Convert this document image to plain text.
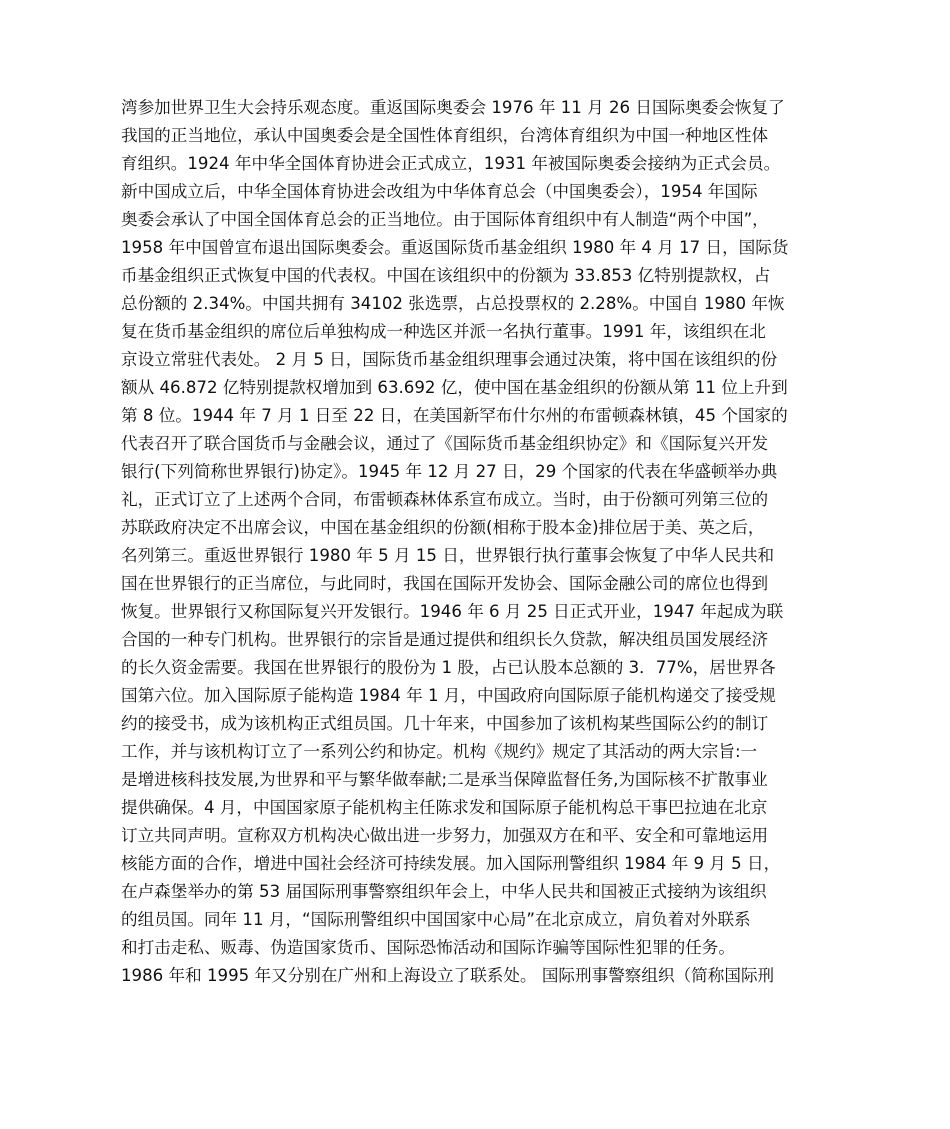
湾参加世界卫生大会持乐观态度。重返国际奥委会 1976 年 11 月 26 日国际奥委会恢复了
我国的正当地位，承认中国奥委会是全国性体育组织，台湾体育组织为中国一种地区性体
育组织。1924 年中华全国体育协进会正式成立，1931 年被国际奥委会接纳为正式会员。
新中国成立后，中华全国体育协进会改组为中华体育总会（中国奥委会），1954 年国际
奥委会承认了中国全国体育总会的正当地位。由于国际体育组织中有人制造“两个中国”，
1958 年中国曾宣布退出国际奥委会。重返国际货币基金组织 1980 年 4 月 17 日，国际货
币基金组织正式恢复中国的代表权。中国在该组织中的份额为 33.853 亿特别提款权，占
总份额的 2.34%。中国共拥有 34102 张选票，占总投票权的 2.28%。中国自 1980 年恢
复在货币基金组织的席位后单独构成一种选区并派一名执行董事。1991 年，该组织在北
京设立常驻代表处。 2 月 5 日，国际货币基金组织理事会通过决策，将中国在该组织的份
额从 46.872 亿特别提款权增加到 63.692 亿，使中国在基金组织的份额从第 11 位上升到
第 8 位。1944 年 7 月 1 日至 22 日，在美国新罕布什尔州的布雷顿森林镇，45 个国家的
代表召开了联合国货币与金融会议，通过了《国际货币基金组织协定》和《国际复兴开发
银行(下列简称世界银行)协定》。1945 年 12 月 27 日，29 个国家的代表在华盛顿举办典
礼，正式订立了上述两个合同，布雷顿森林体系宣布成立。当时，由于份额可列第三位的
苏联政府决定不出席会议，中国在基金组织的份额(相称于股本金)排位居于美、英之后，
名列第三。重返世界银行 1980 年 5 月 15 日，世界银行执行董事会恢复了中华人民共和
国在世界银行的正当席位，与此同时，我国在国际开发协会、国际金融公司的席位也得到
恢复。世界银行又称国际复兴开发银行。1946 年 6 月 25 日正式开业，1947 年起成为联
合国的一种专门机构。世界银行的宗旨是通过提供和组织长久贷款，解决组员国发展经济
的长久资金需要。我国在世界银行的股份为 1 股，占已认股本总额的 3．77%，居世界各
国第六位。加入国际原子能构造 1984 年 1 月，中国政府向国际原子能机构递交了接受规
约的接受书，成为该机构正式组员国。几十年来，中国参加了该机构某些国际公约的制订
工作，并与该机构订立了一系列公约和协定。机构《规约》规定了其活动的两大宗旨:一
是增进核科技发展,为世界和平与繁华做奉献;二是承当保障监督任务,为国际核不扩散事业
提供确保。4 月，中国国家原子能机构主任陈求发和国际原子能机构总干事巴拉迪在北京
订立共同声明。宣称双方机构决心做出进一步努力，加强双方在和平、安全和可靠地运用
核能方面的合作，增进中国社会经济可持续发展。加入国际刑警组织 1984 年 9 月 5 日，
在卢森堡举办的第 53 届国际刑事警察组织年会上，中华人民共和国被正式接纳为该组织
的组员国。同年 11 月，“国际刑警组织中国国家中心局”在北京成立，肩负着对外联系
和打击走私、贩毒、伪造国家货币、国际恐怖活动和国际诈骗等国际性犯罪的任务。
1986 年和 1995 年又分别在广州和上海设立了联系处。 国际刑事警察组织（简称国际刑
